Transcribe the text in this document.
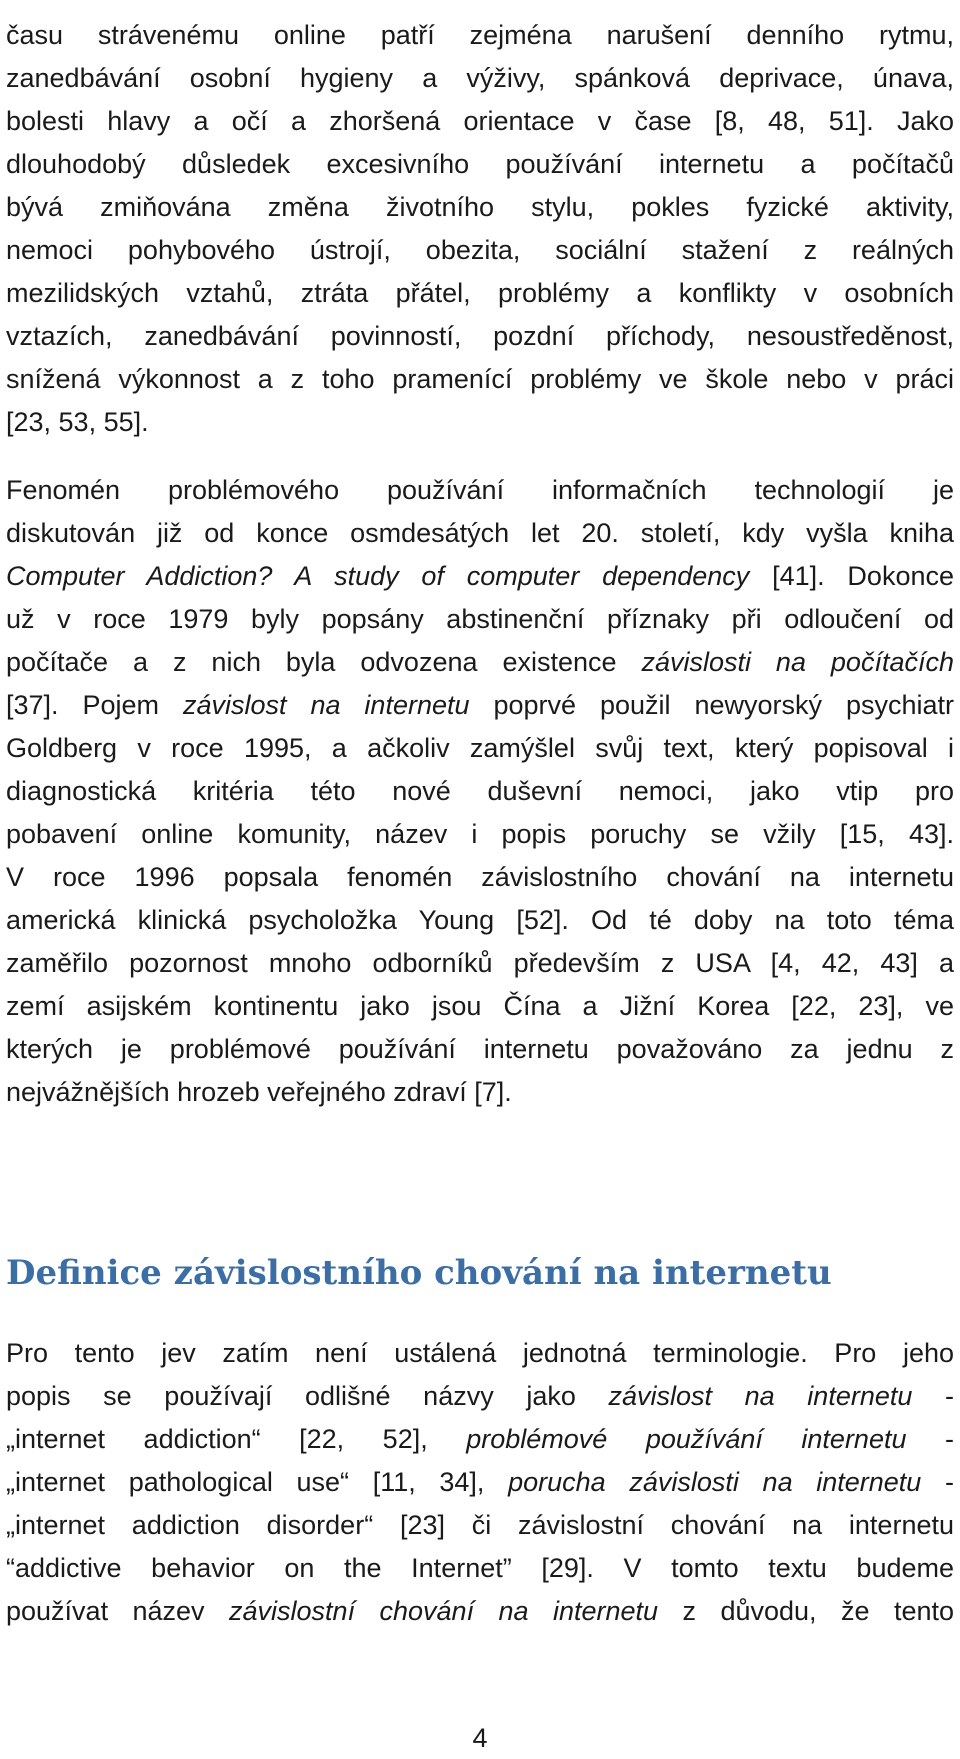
času strávenému online patří zejména narušení denního rytmu,
zanedbávání osobní hygieny a výživy, spánková deprivace, únava,
bolesti hlavy a očí a zhoršená orientace v čase [8, 48, 51]. Jako
dlouhodobý důsledek excesivního používání internetu a počítačů
bývá zmiňována změna životního stylu, pokles fyzické aktivity,
nemoci pohybového ústrojí, obezita, sociální stažení z reálných
mezilidských vztahů, ztráta přátel, problémy a konflikty v osobních
vztazích, zanedbávání povinností, pozdní příchody, nesoustředěnost,
snížená výkonnost a z toho pramenící problémy ve škole nebo v práci
[23, 53, 55].
Fenomén problémového používání informačních technologií je
diskutován již od konce osmdesátých let 20. století, kdy vyšla kniha
Computer Addiction? A study of computer dependency [41]. Dokonce
už v roce 1979 byly popsány abstinenční příznaky při odloučení od
počítače a z nich byla odvozena existence závislosti na počítačích
[37]. Pojem závislost na internetu poprvé použil newyorský psychiatr
Goldberg v roce 1995, a ačkoliv zamýšlel svůj text, který popisoval i
diagnostická kritéria této nové duševní nemoci, jako vtip pro
pobavení online komunity, název i popis poruchy se vžily [15, 43].
V roce 1996 popsala fenomén závislostního chování na internetu
americká klinická psycholožka Young [52]. Od té doby na toto téma
zaměřilo pozornost mnoho odborníků především z USA [4, 42, 43] a
zemí asijském kontinentu jako jsou Čína a Jižní Korea [22, 23], ve
kterých je problémové používání internetu považováno za jednu z
nejvážnějších hrozeb veřejného zdraví [7].
Definice závislostního chování na internetu
Pro tento jev zatím není ustálená jednotná terminologie. Pro jeho
popis se používají odlišné názvy jako závislost na internetu -
„internet addiction“ [22, 52], problémové používání internetu -
„internet pathological use“ [11, 34], porucha závislosti na internetu -
„internet addiction disorder“ [23] či závislostní chování na internetu
“addictive behavior on the Internet” [29]. V tomto textu budeme
používat název závislostní chování na internetu z důvodu, že tento
4
